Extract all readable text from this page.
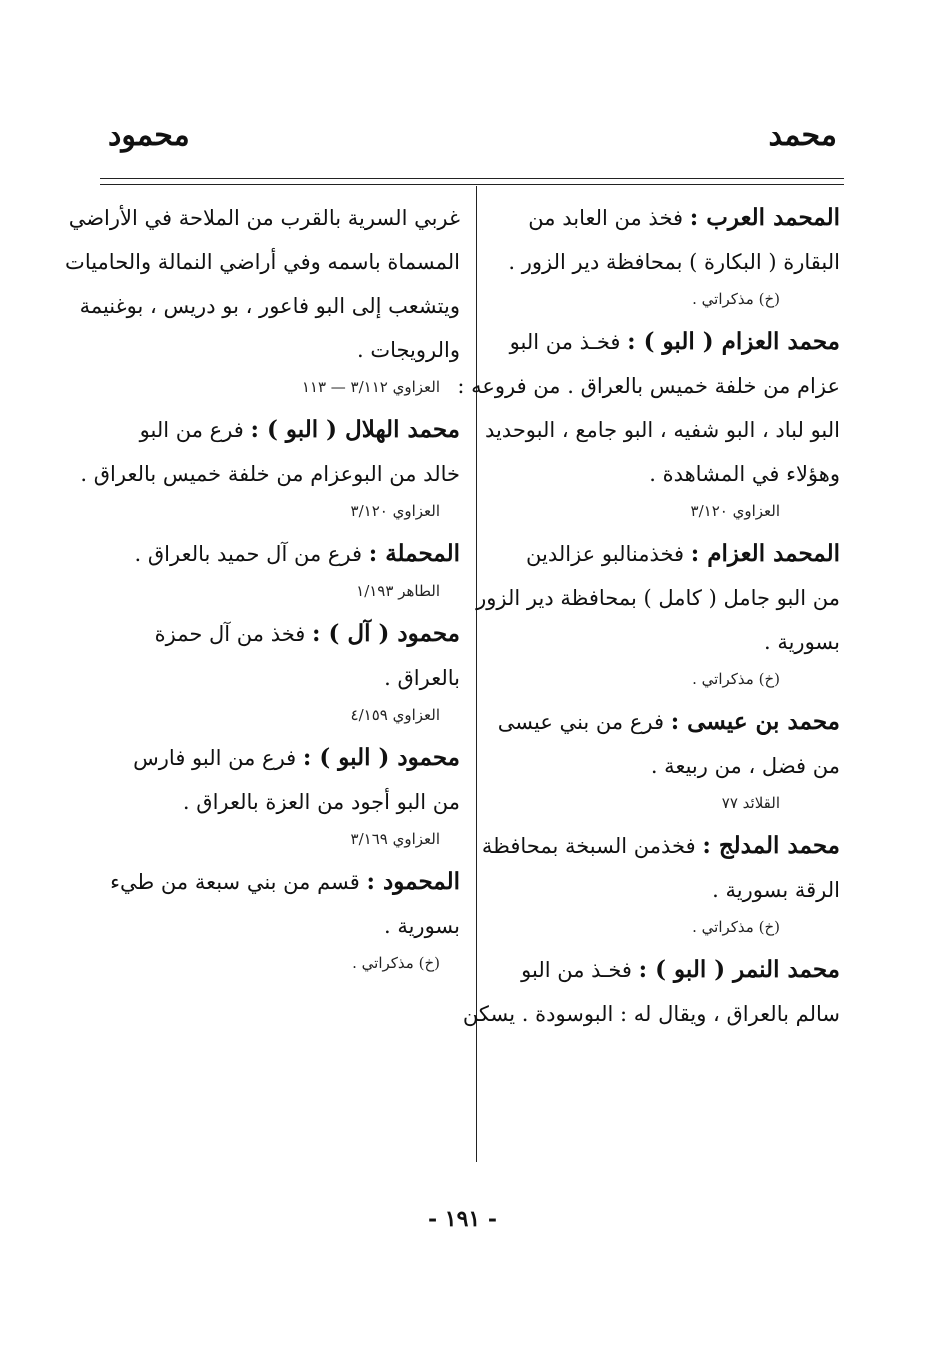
محمد
محمود
المحمد العرب : فخذ من العابد من
البقارة ( البكارة ) بمحافظة دير الزور .
(خ) مذكراتي .
محمد العزام ( البو ) : فخـذ من البو
عزام من خلفة خميس بالعراق . من فروعه :
البو لباد ، البو شفيه ، البو جامع ، البوحديد
وهؤلاء في المشاهدة .
العزاوي ٣/١٢٠
المحمد العزام : فخذمنالبو عزالدين
من البو جامل ( كامل ) بمحافظة دير الزور
بسورية .
(خ) مذكراتي .
محمد بن عيسى : فرع من بني عيسى
من فضل ، من ربيعة .
القلائد ٧٧
محمد المدلج : فخذمن السبخة بمحافظة
الرقة بسورية .
(خ) مذكراتي .
محمد النمر ( البو ) : فخـذ من البو
سالم بالعراق ، ويقال له : البوسودة . يسكن
غربي السرية بالقرب من الملاحة في الأراضي
المسماة باسمه وفي أراضي النمالة والحاميات
ويتشعب إلى البو فاعور ، بو دريس ، بوغنيمة
والرويجات .
العزاوي ٣/١١٢ — ١١٣
محمد الهلال ( البو ) : فرع من البو
خالد من البوعزام من خلفة خميس بالعراق .
العزاوي ٣/١٢٠
المحملة : فرع من آل حميد بالعراق .
الطاهر ١/١٩٣
محمود ( آل ) : فخذ من آل حمزة
بالعراق .
العزاوي ٤/١٥٩
محمود ( البو ) : فرع من البو فارس
من البو أجود من العزة بالعراق .
العزاوي ٣/١٦٩
المحمود : قسم من بني سبعة من طيء
بسورية .
(خ) مذكراتي .
- ١٩١ -
